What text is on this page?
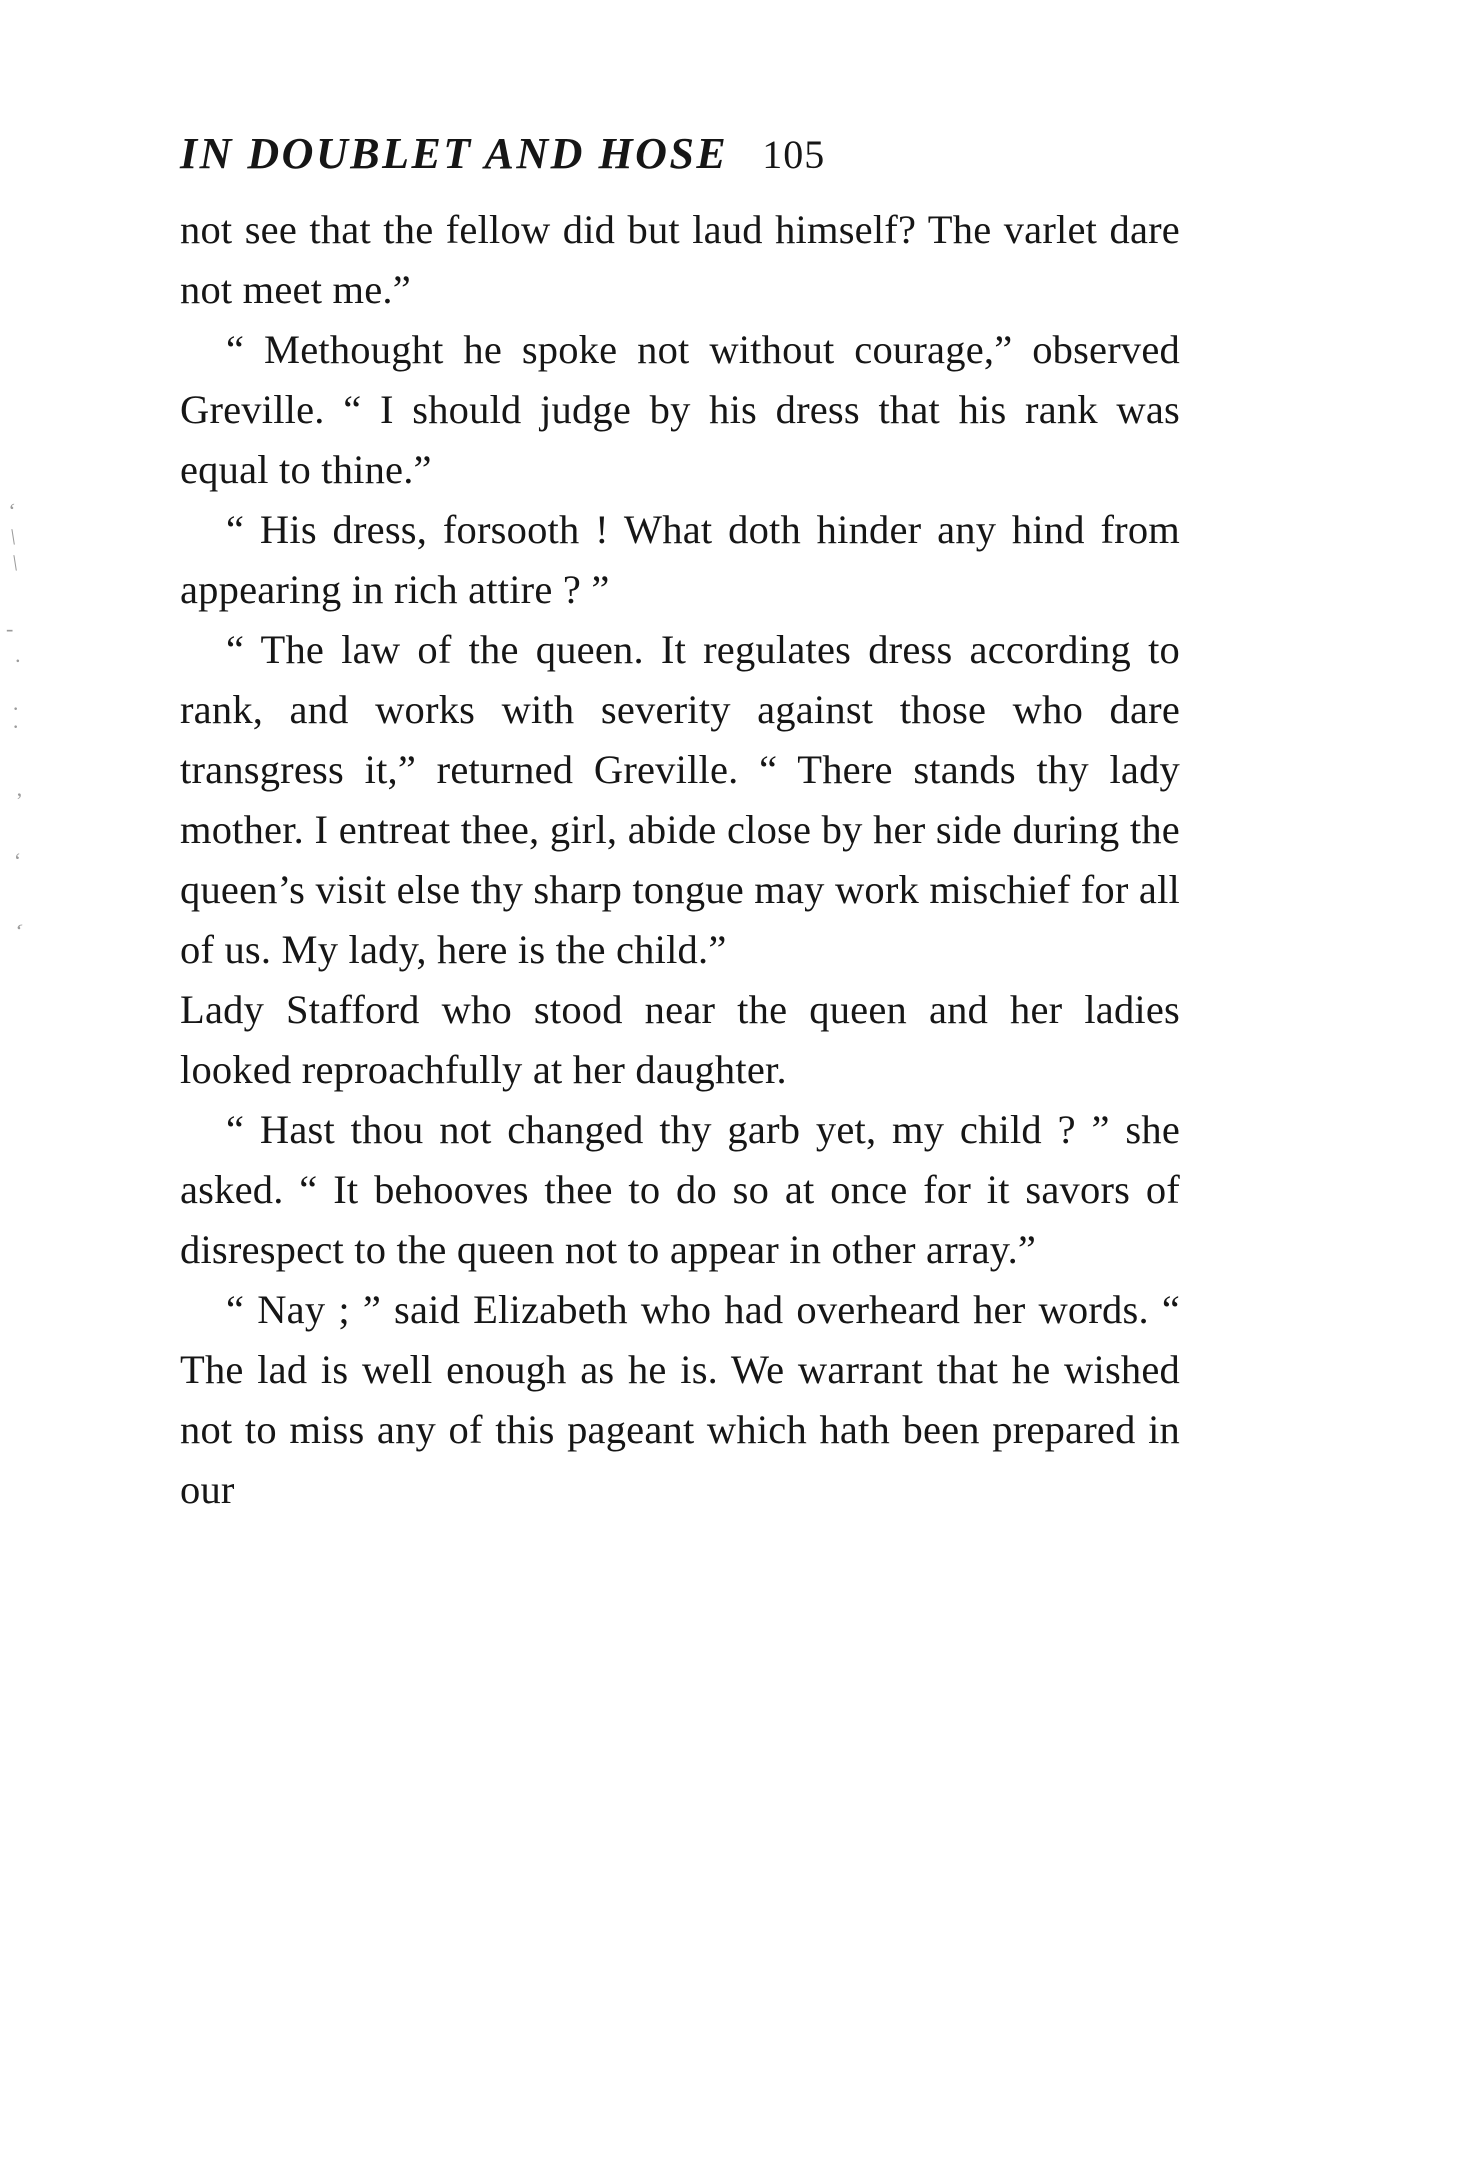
‘
\
\
-
·
·
·
’
‘
‘
IN DOUBLET AND HOSE 105

not see that the fellow did but laud himself? The varlet dare not meet me.”

“ Methought he spoke not without courage,” observed Greville. “ I should judge by his dress that his rank was equal to thine.”

“ His dress, forsooth ! What doth hinder any hind from appearing in rich attire ? ”

“ The law of the queen. It regulates dress according to rank, and works with severity against those who dare transgress it,” returned Greville. “ There stands thy lady mother. I entreat thee, girl, abide close by her side during the queen’s visit else thy sharp tongue may work mischief for all of us. My lady, here is the child.”

Lady Stafford who stood near the queen and her ladies looked reproachfully at her daughter.

“ Hast thou not changed thy garb yet, my child ? ” she asked. “ It behooves thee to do so at once for it savors of disrespect to the queen not to appear in other array.”

“ Nay ; ” said Elizabeth who had overheard her words. “ The lad is well enough as he is. We warrant that he wished not to miss any of this pageant which hath been prepared in our
